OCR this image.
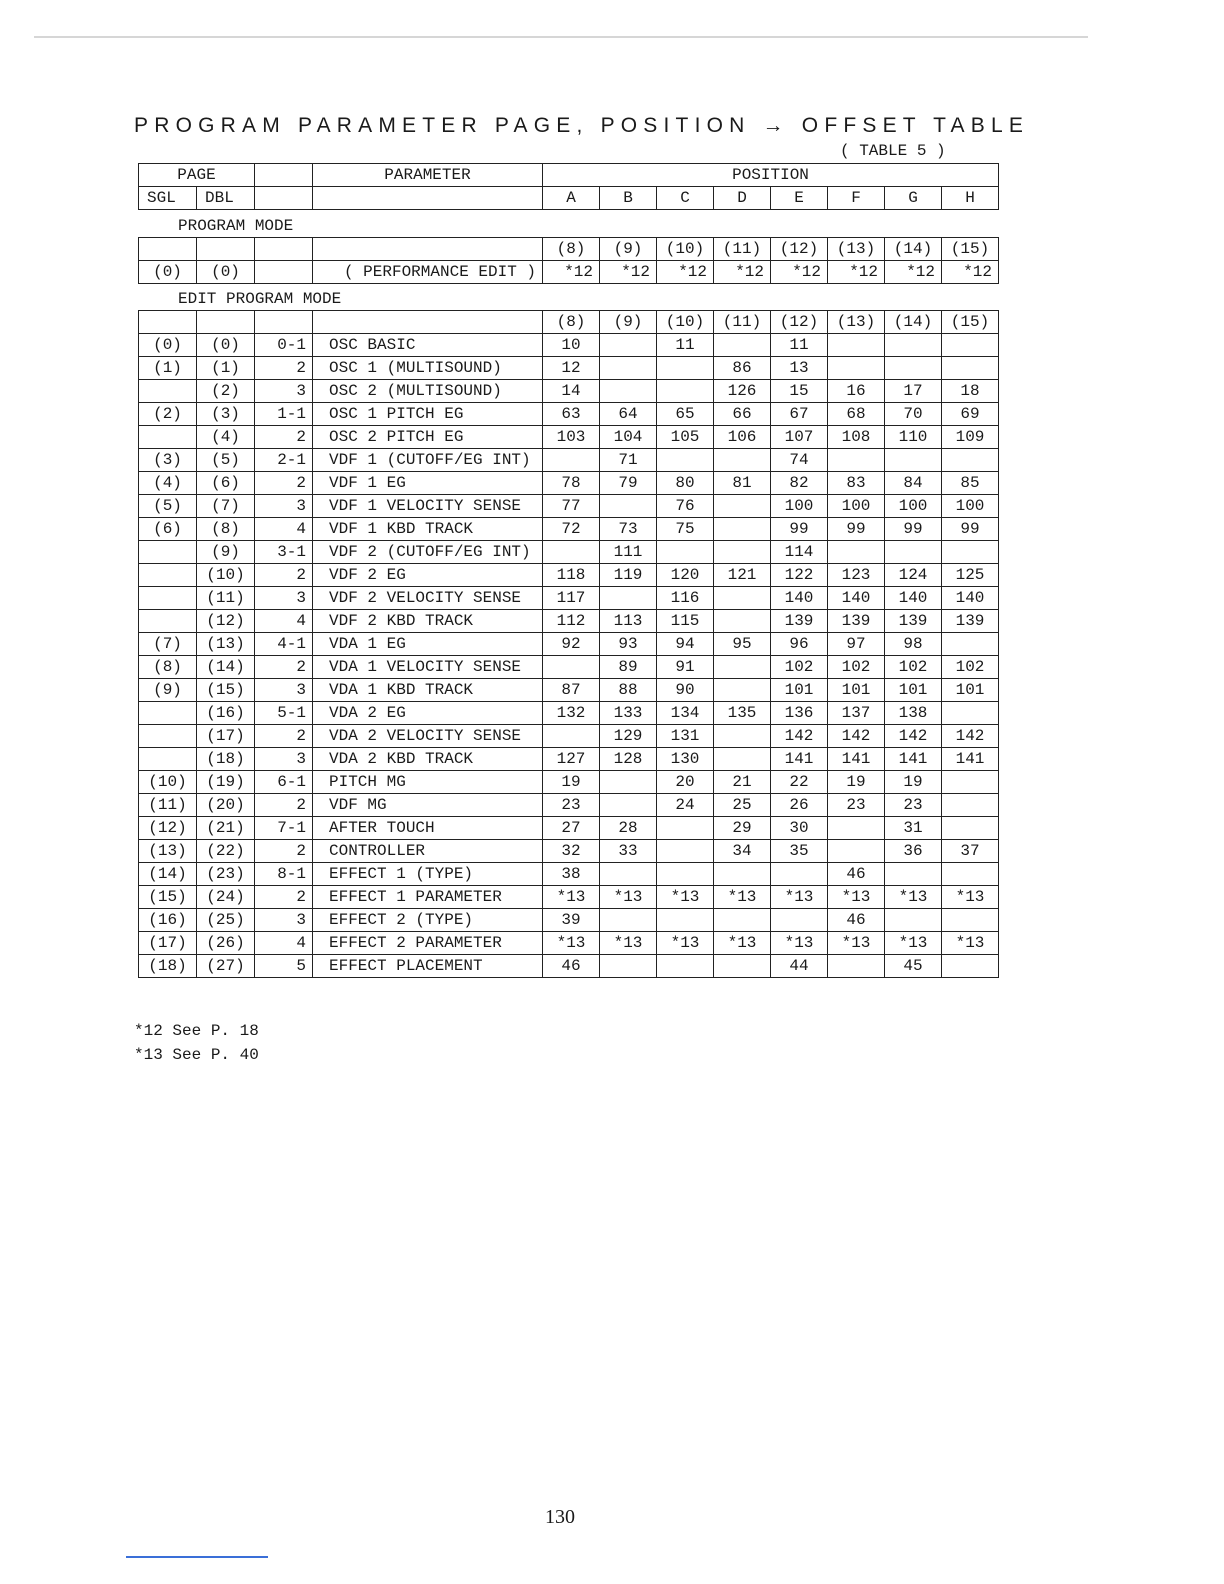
PROGRAM PARAMETER PAGE, POSITION → OFFSET TABLE
( TABLE 5 )
PAGE			PARAMETER	POSITION							
SGL	DBL			A	B	C	D	E	F	G	H
PROGRAM MODE
				(8)	(9)	(10)	(11)	(12)	(13)	(14)	(15)
(0)	(0)		( PERFORMANCE EDIT )	*12	*12	*12	*12	*12	*12	*12	*12
EDIT PROGRAM MODE
				(8)	(9)	(10)	(11)	(12)	(13)	(14)	(15)
(0)	(0)	0-1	OSC BASIC	10		11		11			
(1)	(1)	2	OSC 1 (MULTISOUND)	12			86	13			
	(2)	3	OSC 2 (MULTISOUND)	14			126	15	16	17	18
(2)	(3)	1-1	OSC 1 PITCH EG	63	64	65	66	67	68	70	69
	(4)	2	OSC 2 PITCH EG	103	104	105	106	107	108	110	109
(3)	(5)	2-1	VDF 1 (CUTOFF/EG INT)		71			74			
(4)	(6)	2	VDF 1 EG	78	79	80	81	82	83	84	85
(5)	(7)	3	VDF 1 VELOCITY SENSE	77		76		100	100	100	100
(6)	(8)	4	VDF 1 KBD TRACK	72	73	75		99	99	99	99
	(9)	3-1	VDF 2 (CUTOFF/EG INT)		111			114			
	(10)	2	VDF 2 EG	118	119	120	121	122	123	124	125
	(11)	3	VDF 2 VELOCITY SENSE	117		116		140	140	140	140
	(12)	4	VDF 2 KBD TRACK	112	113	115		139	139	139	139
(7)	(13)	4-1	VDA 1 EG	92	93	94	95	96	97	98	
(8)	(14)	2	VDA 1 VELOCITY SENSE		89	91		102	102	102	102
(9)	(15)	3	VDA 1 KBD TRACK	87	88	90		101	101	101	101
	(16)	5-1	VDA 2 EG	132	133	134	135	136	137	138	
	(17)	2	VDA 2 VELOCITY SENSE		129	131		142	142	142	142
	(18)	3	VDA 2 KBD TRACK	127	128	130		141	141	141	141
(10)	(19)	6-1	PITCH MG	19		20	21	22	19	19	
(11)	(20)	2	VDF MG	23		24	25	26	23	23	
(12)	(21)	7-1	AFTER TOUCH	27	28		29	30		31	
(13)	(22)	2	CONTROLLER	32	33		34	35		36	37
(14)	(23)	8-1	EFFECT 1 (TYPE)	38					46		
(15)	(24)	2	EFFECT 1 PARAMETER	*13	*13	*13	*13	*13	*13	*13	*13
(16)	(25)	3	EFFECT 2 (TYPE)	39					46		
(17)	(26)	4	EFFECT 2 PARAMETER	*13	*13	*13	*13	*13	*13	*13	*13
(18)	(27)	5	EFFECT PLACEMENT	46				44		45	
*12 See P. 18
*13 See P. 40
130
